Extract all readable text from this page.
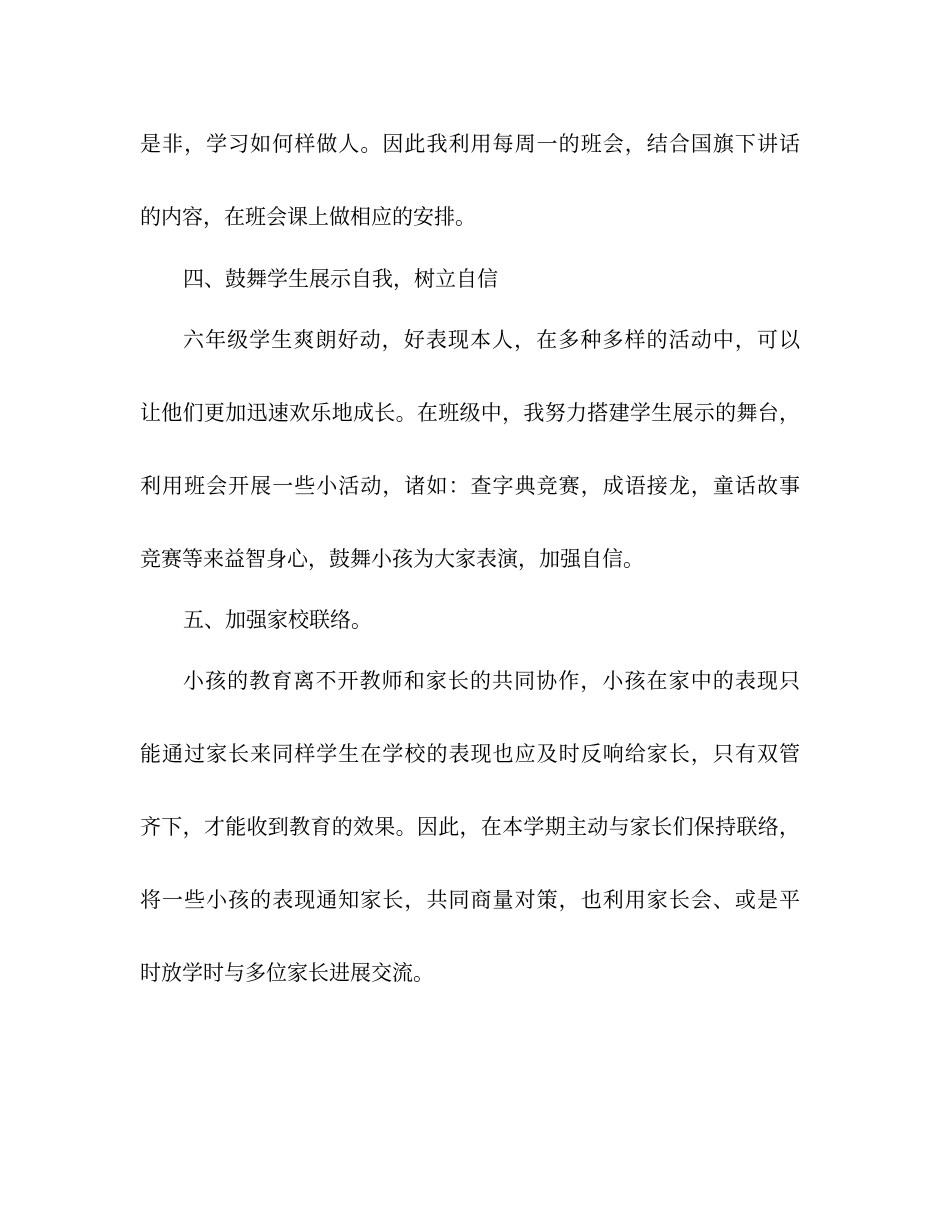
是非，学习如何样做人。因此我利用每周一的班会，结合国旗下讲话
的内容，在班会课上做相应的安排。
四、鼓舞学生展示自我，树立自信
六年级学生爽朗好动，好表现本人，在多种多样的活动中，可以
让他们更加迅速欢乐地成长。在班级中，我努力搭建学生展示的舞台，
利用班会开展一些小活动，诸如：查字典竞赛，成语接龙，童话故事
竞赛等来益智身心，鼓舞小孩为大家表演，加强自信。
五、加强家校联络。
小孩的教育离不开教师和家长的共同协作，小孩在家中的表现只
能通过家长来同样学生在学校的表现也应及时反响给家长，只有双管
齐下，才能收到教育的效果。因此，在本学期主动与家长们保持联络，
将一些小孩的表现通知家长，共同商量对策，也利用家长会、或是平
时放学时与多位家长进展交流。
